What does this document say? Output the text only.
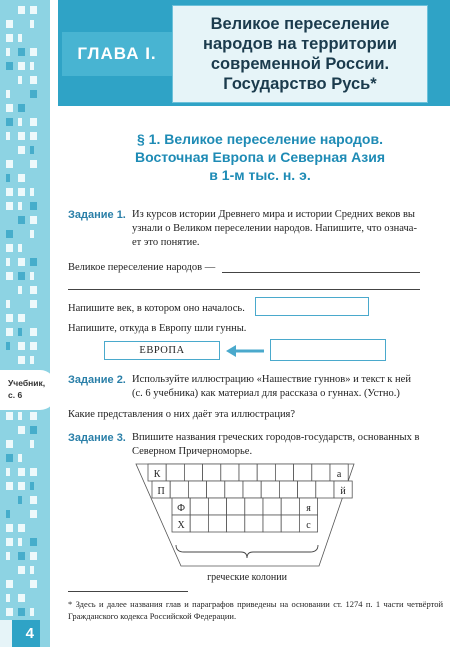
ГЛАВА I.
Великое переселение
народов на территории
современной России.
Государство Русь*
§ 1. Великое переселение народов.
Восточная Европа и Северная Азия
в 1-м тыс. н. э.
Задание 1. Из курсов истории Древнего мира и истории Средних веков вы
узнали о Великом переселении народов. Напишите, что означа-
ет это понятие.
Великое переселение народов —
Напишите век, в котором оно началось.
Напишите, откуда в Европу шли гунны.
ЕВРОПА
Учебник,
с. 6
Задание 2. Используйте иллюстрацию «Нашествие гуннов» и текст к ней
(с. 6 учебника) как материал для рассказа о гуннах. (Устно.)
Какие представления о них даёт эта иллюстрация?
Задание 3. Впишите названия греческих городов-государств, основанных в
Северном Причерноморье.
К	а
П	й
Ф	я
Х	с
греческие колонии
* Здесь и далее названия глав и параграфов приведены на основании ст. 1274 п. 1 части четвёртой Гражданского кодекса Российской Федерации.
4
